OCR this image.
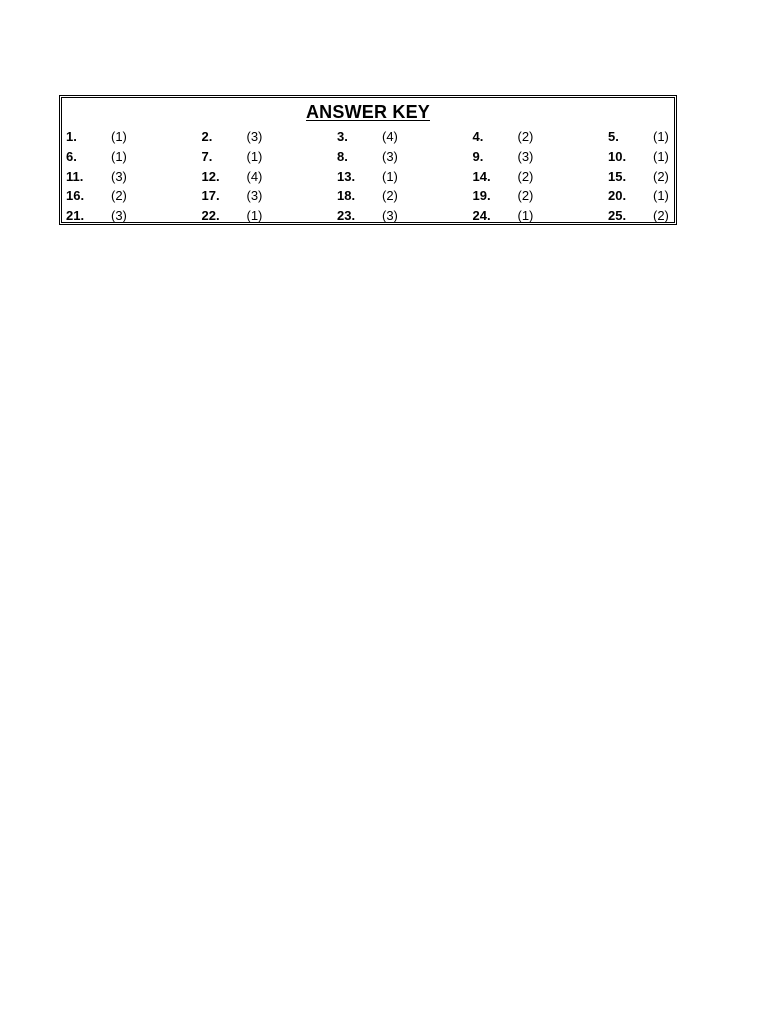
ANSWER KEY
1.	(1)	2.	(3)	3.	(4)	4.	(2)	5.	(1)
6.	(1)	7.	(1)	8.	(3)	9.	(3)	10. (1)
11. (3)	12. (4)	13. (1)	14. (2)	15. (2)
16. (2)	17. (3)	18. (2)	19. (2)	20. (1)
21. (3)	22. (1)	23. (3)	24. (1)	25. (2)
